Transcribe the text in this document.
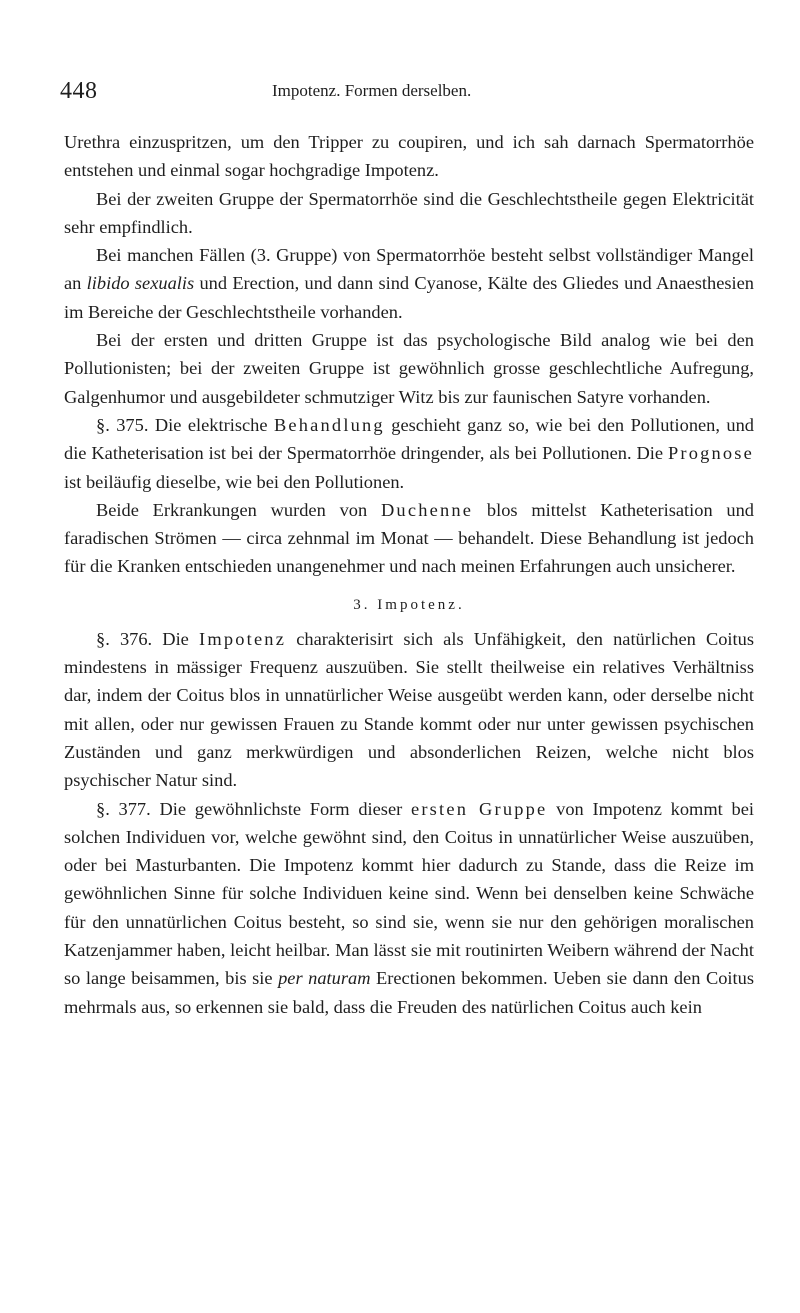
448	Impotenz. Formen derselben.

Urethra einzuspritzen, um den Tripper zu coupiren, und ich sah darnach Spermatorrhöe entstehen und einmal sogar hochgradige Impotenz.

Bei der zweiten Gruppe der Spermatorrhöe sind die Geschlechtstheile gegen Elektricität sehr empfindlich.

Bei manchen Fällen (3. Gruppe) von Spermatorrhöe besteht selbst vollständiger Mangel an libido sexualis und Erection, und dann sind Cyanose, Kälte des Gliedes und Anaesthesien im Bereiche der Geschlechtstheile vorhanden.

Bei der ersten und dritten Gruppe ist das psychologische Bild analog wie bei den Pollutionisten; bei der zweiten Gruppe ist gewöhnlich grosse geschlechtliche Aufregung, Galgenhumor und ausgebildeter schmutziger Witz bis zur faunischen Satyre vorhanden.

§. 375. Die elektrische Behandlung geschieht ganz so, wie bei den Pollutionen, und die Katheterisation ist bei der Spermatorrhöe dringender, als bei Pollutionen. Die Prognose ist beiläufig dieselbe, wie bei den Pollutionen.

Beide Erkrankungen wurden von Duchenne blos mittelst Katheterisation und faradischen Strömen — circa zehnmal im Monat — behandelt. Diese Behandlung ist jedoch für die Kranken entschieden unangenehmer und nach meinen Erfahrungen auch unsicherer.

3. Impotenz.

§. 376. Die Impotenz charakterisirt sich als Unfähigkeit, den natürlichen Coitus mindestens in mässiger Frequenz auszuüben. Sie stellt theilweise ein relatives Verhältniss dar, indem der Coitus blos in unnatürlicher Weise ausgeübt werden kann, oder derselbe nicht mit allen, oder nur gewissen Frauen zu Stande kommt oder nur unter gewissen psychischen Zuständen und ganz merkwürdigen und absonderlichen Reizen, welche nicht blos psychischer Natur sind.

§. 377. Die gewöhnlichste Form dieser ersten Gruppe von Impotenz kommt bei solchen Individuen vor, welche gewöhnt sind, den Coitus in unnatürlicher Weise auszuüben, oder bei Masturbanten. Die Impotenz kommt hier dadurch zu Stande, dass die Reize im gewöhnlichen Sinne für solche Individuen keine sind. Wenn bei denselben keine Schwäche für den unnatürlichen Coitus besteht, so sind sie, wenn sie nur den gehörigen moralischen Katzenjammer haben, leicht heilbar. Man lässt sie mit routinirten Weibern während der Nacht so lange beisammen, bis sie per naturam Erectionen bekommen. Ueben sie dann den Coitus mehrmals aus, so erkennen sie bald, dass die Freuden des natürlichen Coitus auch kein
